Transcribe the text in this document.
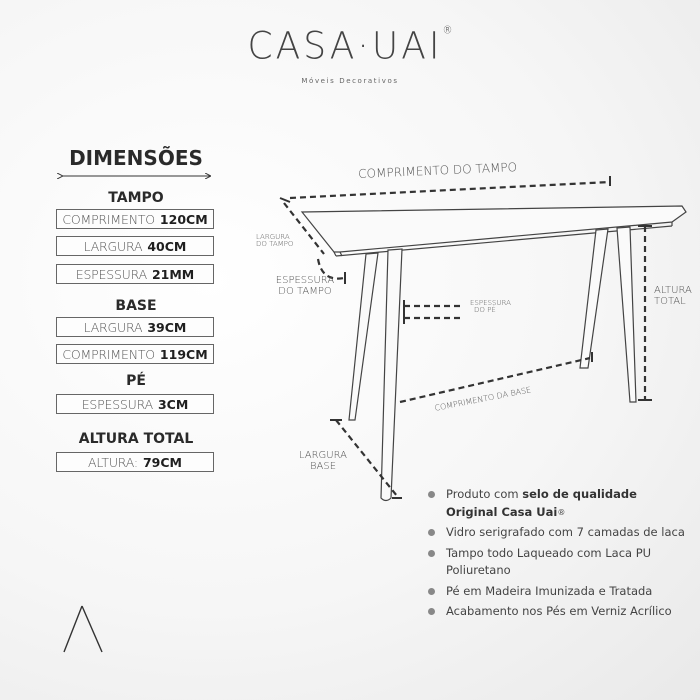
CASA·UAI®
Móveis Decorativos
DIMENSÕES
TAMPO
COMPRIMENTO 120CM
LARGURA 40CM
ESPESSURA 21MM
BASE
LARGURA 39CM
COMPRIMENTO 119CM
PÉ
ESPESSURA 3CM
ALTURA TOTAL
ALTURA: 79CM
COMPRIMENTO DO TAMPO
LARGURA
DO TAMPO
ESPESSURA
DO TAMPO
ESPESSURA
DO PÉ
ALTURA
TOTAL
COMPRIMENTO DA BASE
LARGURA
BASE
Produto com selo de qualidade Original Casa Uai®
Vidro serigrafado com 7 camadas de laca
Tampo todo Laqueado com Laca PU Poliuretano
Pé em Madeira Imunizada e Tratada
Acabamento nos Pés em Verniz Acrílico
